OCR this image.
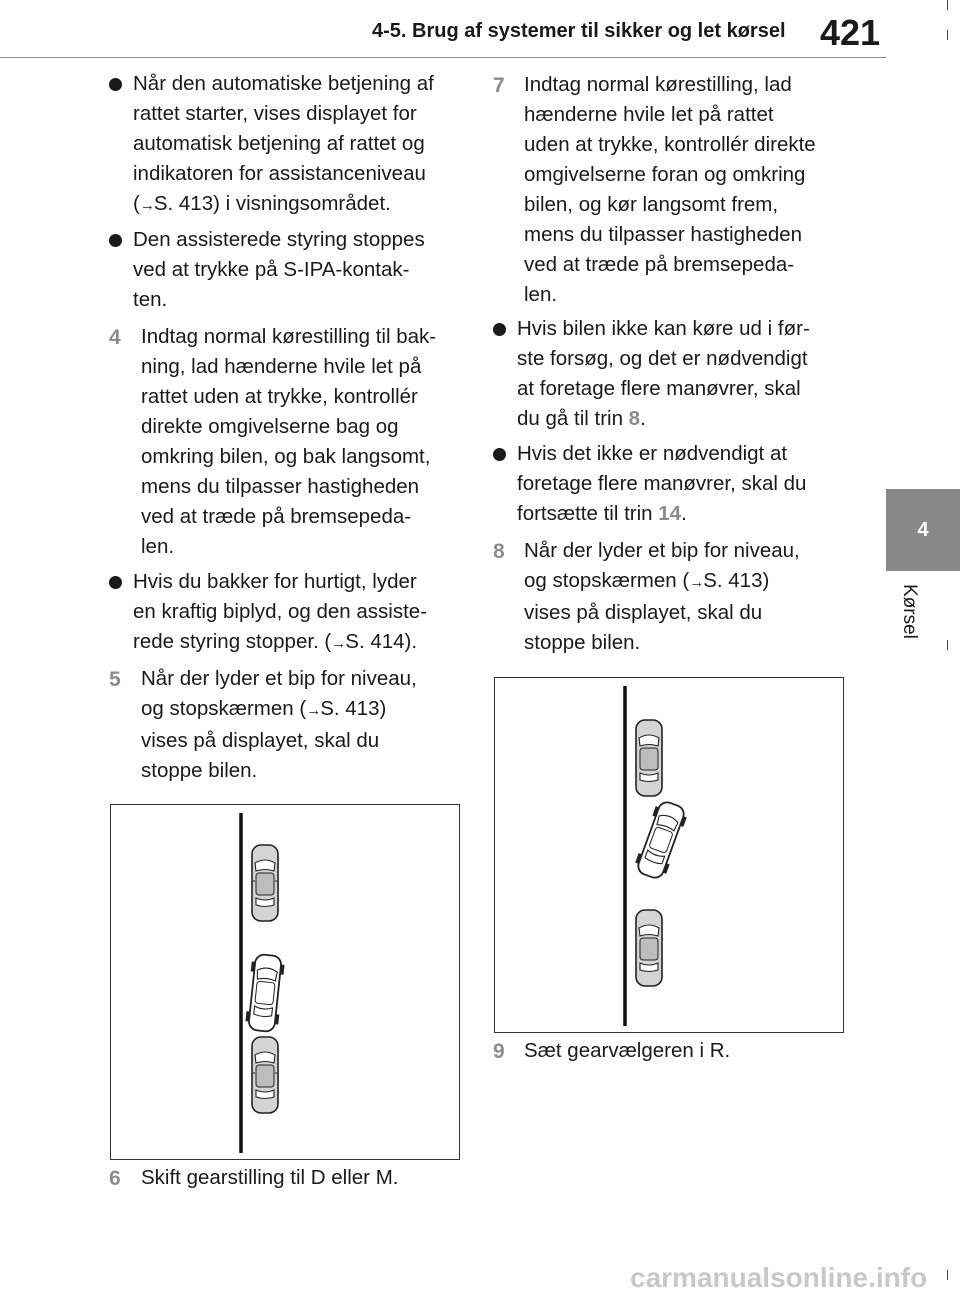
4-5. Brug af systemer til sikker og let kørsel 421
4
Kørsel
Når den automatiske betjening af
rattet starter, vises displayet for
automatisk betjening af rattet og
indikatoren for assistanceniveau
(→S. 413) i visningsområdet.
Den assisterede styring stoppes
ved at trykke på S-IPA-kontak-
ten.
4 Indtag normal kørestilling til bak-
ning, lad hænderne hvile let på
rattet uden at trykke, kontrollér
direkte omgivelserne bag og
omkring bilen, og bak langsomt,
mens du tilpasser hastigheden
ved at træde på bremsepeda-
len.
Hvis du bakker for hurtigt, lyder
en kraftig biplyd, og den assiste-
rede styring stopper. (→S. 414).
5 Når der lyder et bip for niveau,
og stopskærmen (→S. 413)
vises på displayet, skal du
stoppe bilen.
6 Skift gearstilling til D eller M.
7 Indtag normal kørestilling, lad
hænderne hvile let på rattet
uden at trykke, kontrollér direkte
omgivelserne foran og omkring
bilen, og kør langsomt frem,
mens du tilpasser hastigheden
ved at træde på bremsepeda-
len.
Hvis bilen ikke kan køre ud i før-
ste forsøg, og det er nødvendigt
at foretage flere manøvrer, skal
du gå til trin 8.
Hvis det ikke er nødvendigt at
foretage flere manøvrer, skal du
fortsætte til trin 14.
8 Når der lyder et bip for niveau,
og stopskærmen (→S. 413)
vises på displayet, skal du
stoppe bilen.
9 Sæt gearvælgeren i R.
carmanualsonline.info
